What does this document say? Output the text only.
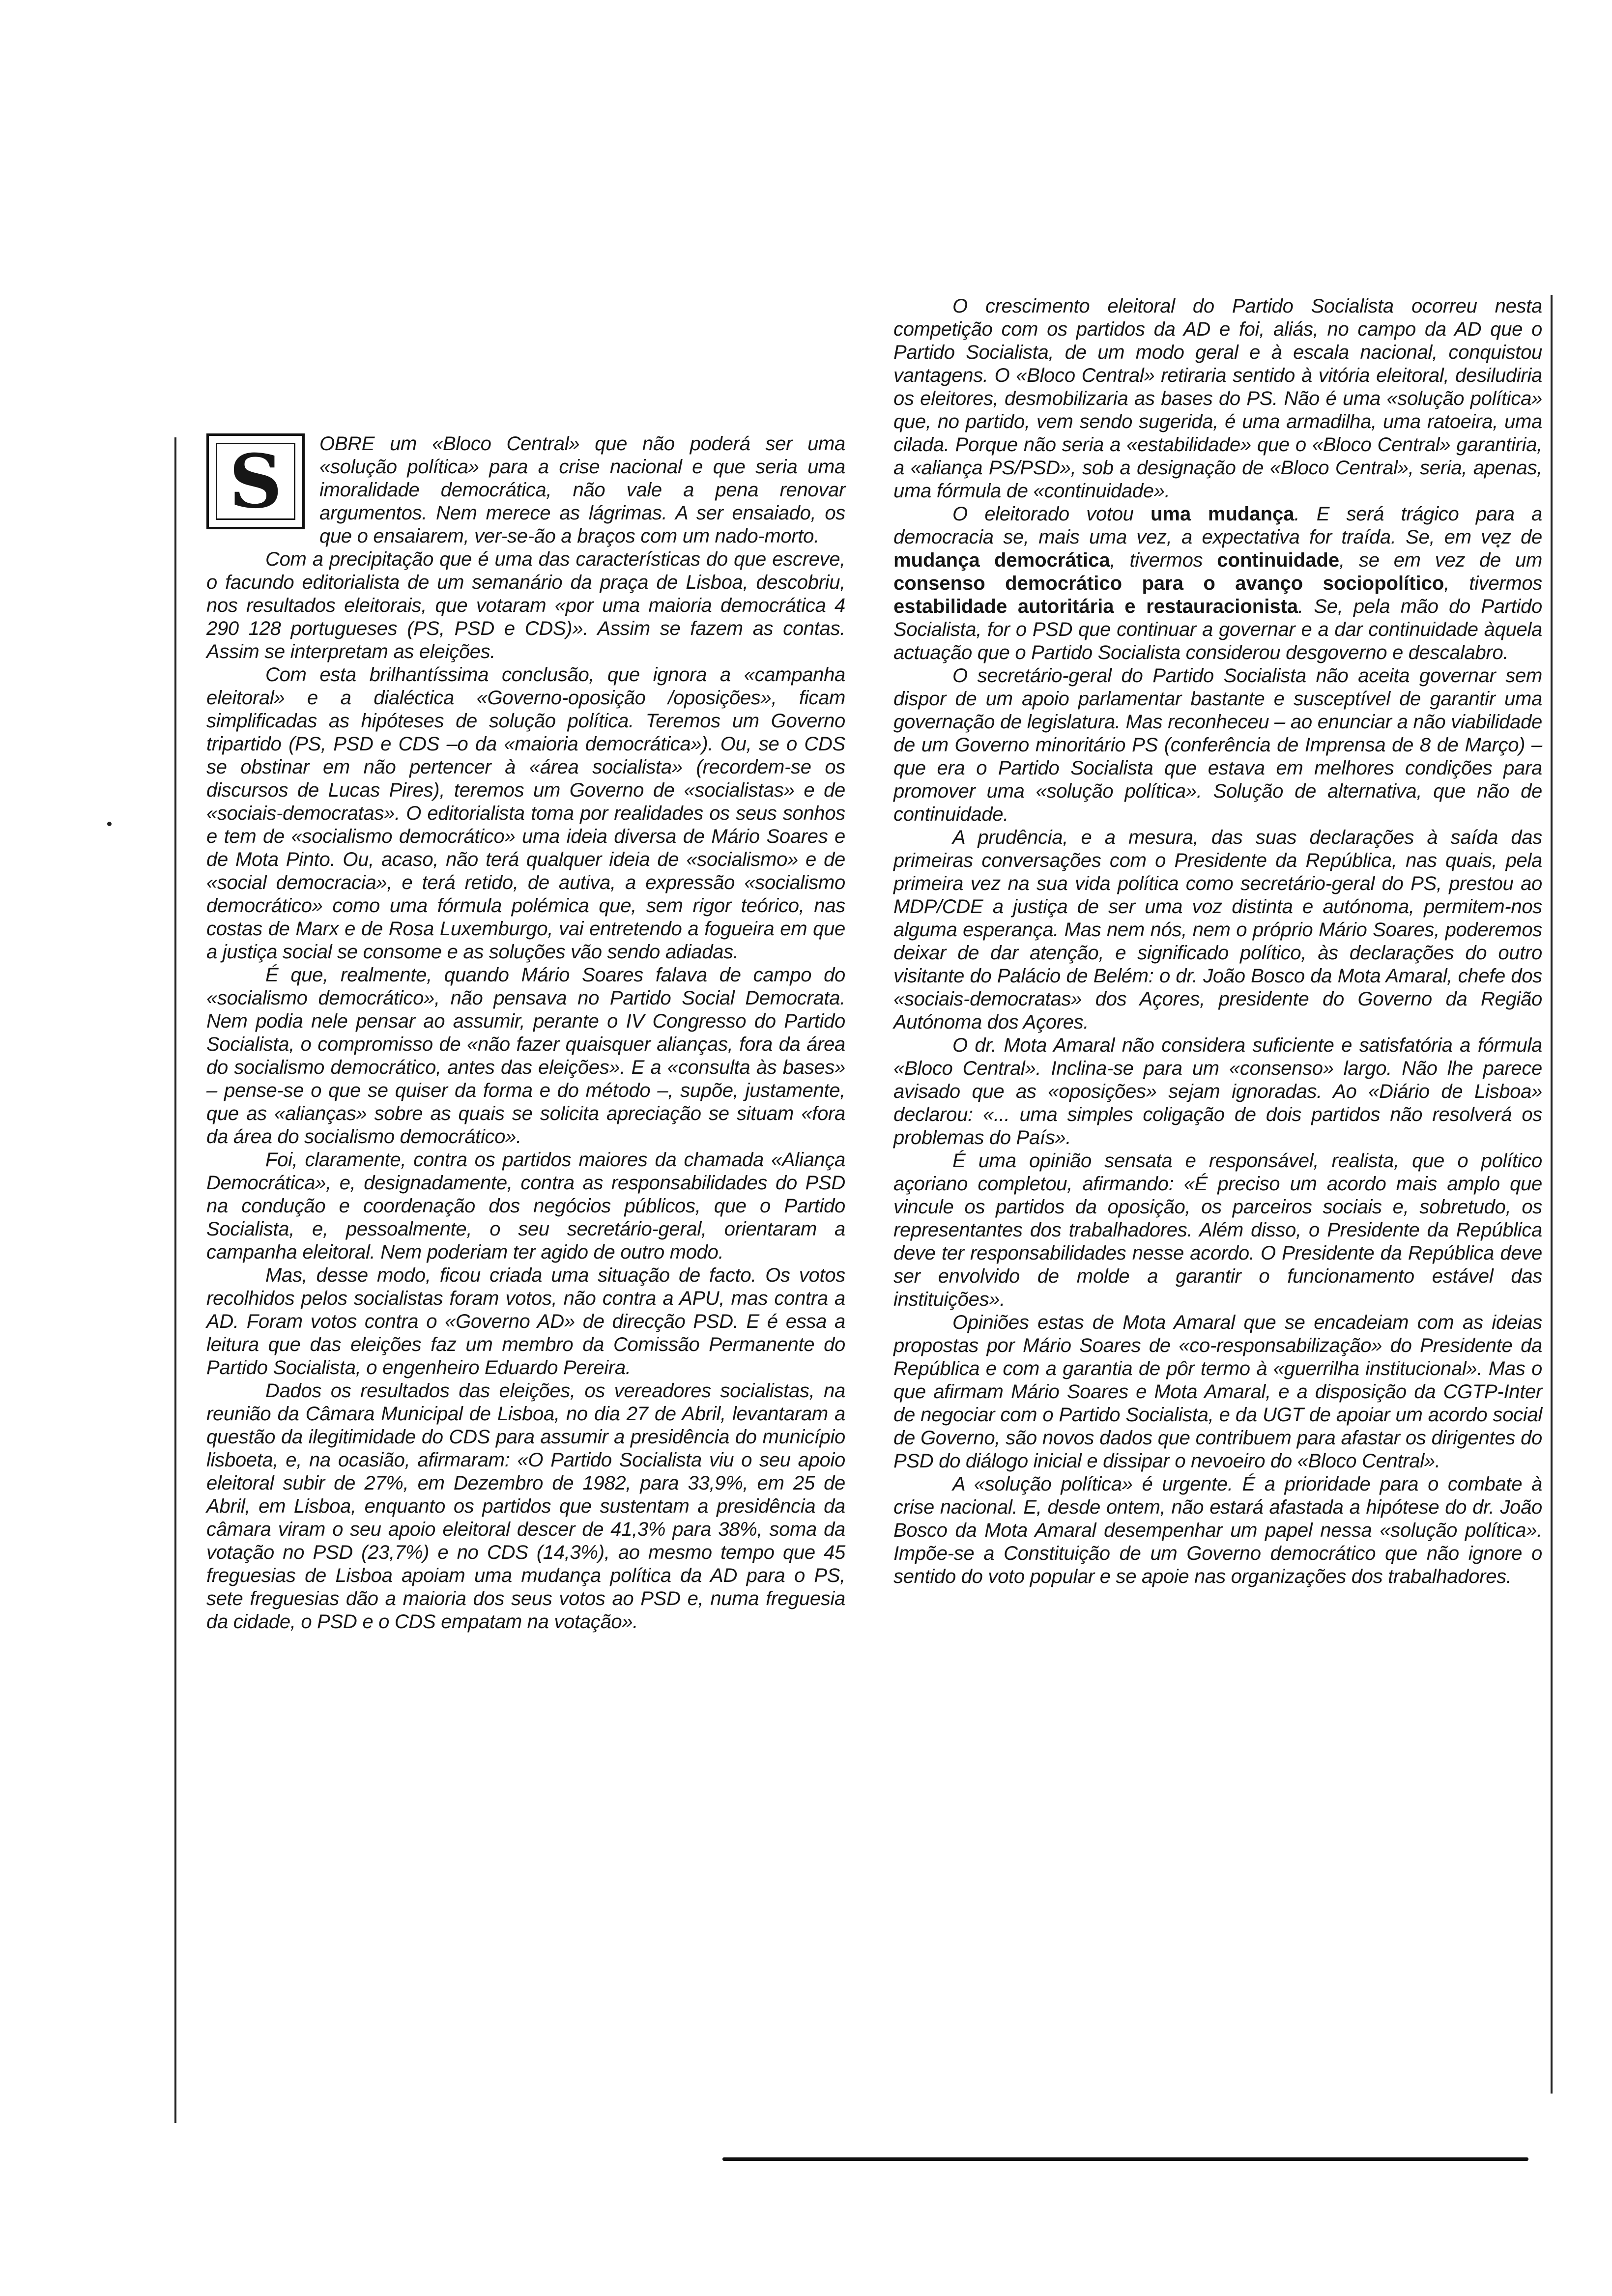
S	OBRE um «Bloco Central» que não poderá ser uma «solução política» para a crise nacional e que seria uma imoralidade democrática, não vale a pena renovar argumentos. Nem merece as lágrimas. A ser ensaiado, os que o ensaiarem, ver-se-ão a braços com um nado-morto.

Com a precipitação que é uma das características do que escreve, o facundo editorialista de um semanário da praça de Lisboa, descobriu, nos resultados eleitorais, que votaram «por uma maioria democrática 4 290 128 portugueses (PS, PSD e CDS)». Assim se fazem as contas. Assim se interpretam as eleições.

Com esta brilhantíssima conclusão, que ignora a «campanha eleitoral» e a dialéctica «Governo-oposição /oposições», ficam simplificadas as hipóteses de solução política. Teremos um Governo tripartido (PS, PSD e CDS –o da «maioria democrática»). Ou, se o CDS se obstinar em não pertencer à «área socialista» (recordem-se os discursos de Lucas Pires), teremos um Governo de «socialistas» e de «sociais-democratas». O editorialista toma por realidades os seus sonhos e tem de «socialismo democrático» uma ideia diversa de Mário Soares e de Mota Pinto. Ou, acaso, não terá qualquer ideia de «socialismo» e de «social democracia», e terá retido, de autiva, a expressão «socialismo democrático» como uma fórmula polémica que, sem rigor teórico, nas costas de Marx e de Rosa Luxemburgo, vai entretendo a fogueira em que a justiça social se consome e as soluções vão sendo adiadas.

É que, realmente, quando Mário Soares falava de campo do «socialismo democrático», não pensava no Partido Social Democrata. Nem podia nele pensar ao assumir, perante o IV Congresso do Partido Socialista, o compromisso de «não fazer quaisquer alianças, fora da área do socialismo democrático, antes das eleições». E a «consulta às bases» – pense-se o que se quiser da forma e do método –, supõe, justamente, que as «alianças» sobre as quais se solicita apreciação se situam «fora da área do socialismo democrático».

Foi, claramente, contra os partidos maiores da chamada «Aliança Democrática», e, designadamente, contra as responsabilidades do PSD na condução e coordenação dos negócios públicos, que o Partido Socialista, e, pessoalmente, o seu secretário-geral, orientaram a campanha eleitoral. Nem poderiam ter agido de outro modo.

Mas, desse modo, ficou criada uma situação de facto. Os votos recolhidos pelos socialistas foram votos, não contra a APU, mas contra a AD. Foram votos contra o «Governo AD» de direcção PSD. E é essa a leitura que das eleições faz um membro da Comissão Permanente do Partido Socialista, o engenheiro Eduardo Pereira.

Dados os resultados das eleições, os vereadores socialistas, na reunião da Câmara Municipal de Lisboa, no dia 27 de Abril, levantaram a questão da ilegitimidade do CDS para assumir a presidência do município lisboeta, e, na ocasião, afirmaram: «O Partido Socialista viu o seu apoio eleitoral subir de 27%, em Dezembro de 1982, para 33,9%, em 25 de Abril, em Lisboa, enquanto os partidos que sustentam a presidência da câmara viram o seu apoio eleitoral descer de 41,3% para 38%, soma da votação no PSD (23,7%) e no CDS (14,3%), ao mesmo tempo que 45 freguesias de Lisboa apoiam uma mudança política da AD para o PS, sete freguesias dão a maioria dos seus votos ao PSD e, numa freguesia da cidade, o PSD e o CDS empatam na votação».

O crescimento eleitoral do Partido Socialista ocorreu nesta competição com os partidos da AD e foi, aliás, no campo da AD que o Partido Socialista, de um modo geral e à escala nacional, conquistou vantagens. O «Bloco Central» retiraria sentido à vitória eleitoral, desiludiria os eleitores, desmobilizaria as bases do PS. Não é uma «solução política» que, no partido, vem sendo sugerida, é uma armadilha, uma ratoeira, uma cilada. Porque não seria a «estabilidade» que o «Bloco Central» garantiria, a «aliança PS/PSD», sob a designação de «Bloco Central», seria, apenas, uma fórmula de «continuidade».

O eleitorado votou uma mudança. E será trágico para a democracia se, mais uma vez, a expectativa for traída. Se, em vez de mudança democrática, tivermos continuidade, se em vez de um consenso democrático para o avanço sociopolítico, tivermos estabilidade autoritária e restauracionista. Se, pela mão do Partido Socialista, for o PSD que continuar a governar e a dar continuidade àquela actuação que o Partido Socialista considerou desgoverno e descalabro.

O secretário-geral do Partido Socialista não aceita governar sem dispor de um apoio parlamentar bastante e susceptível de garantir uma governação de legislatura. Mas reconheceu – ao enunciar a não viabilidade de um Governo minoritário PS (conferência de Imprensa de 8 de Março) – que era o Partido Socialista que estava em melhores condições para promover uma «solução política». Solução de alternativa, que não de continuidade.

A prudência, e a mesura, das suas declarações à saída das primeiras conversações com o Presidente da República, nas quais, pela primeira vez na sua vida política como secretário-geral do PS, prestou ao MDP/CDE a justiça de ser uma voz distinta e autónoma, permitem-nos alguma esperança. Mas nem nós, nem o próprio Mário Soares, poderemos deixar de dar atenção, e significado político, às declarações do outro visitante do Palácio de Belém: o dr. João Bosco da Mota Amaral, chefe dos «sociais-democratas» dos Açores, presidente do Governo da Região Autónoma dos Açores.

O dr. Mota Amaral não considera suficiente e satisfatória a fórmula «Bloco Central». Inclina-se para um «consenso» largo. Não lhe parece avisado que as «oposições» sejam ignoradas. Ao «Diário de Lisboa» declarou: «... uma simples coligação de dois partidos não resolverá os problemas do País».

É uma opinião sensata e responsável, realista, que o político açoriano completou, afirmando: «É preciso um acordo mais amplo que vincule os partidos da oposição, os parceiros sociais e, sobretudo, os representantes dos trabalhadores. Além disso, o Presidente da República deve ter responsabilidades nesse acordo. O Presidente da República deve ser envolvido de molde a garantir o funcionamento estável das instituições».

Opiniões estas de Mota Amaral que se encadeiam com as ideias propostas por Mário Soares de «co-responsabilização» do Presidente da República e com a garantia de pôr termo à «guerrilha institucional». Mas o que afirmam Mário Soares e Mota Amaral, e a disposição da CGTP-Inter de negociar com o Partido Socialista, e da UGT de apoiar um acordo social de Governo, são novos dados que contribuem para afastar os dirigentes do PSD do diálogo inicial e dissipar o nevoeiro do «Bloco Central».

A «solução política» é urgente. É a prioridade para o combate à crise nacional. E, desde ontem, não estará afastada a hipótese do dr. João Bosco da Mota Amaral desempenhar um papel nessa «solução política». Impõe-se a Constituição de um Governo democrático que não ignore o sentido do voto popular e se apoie nas organizações dos trabalhadores.
